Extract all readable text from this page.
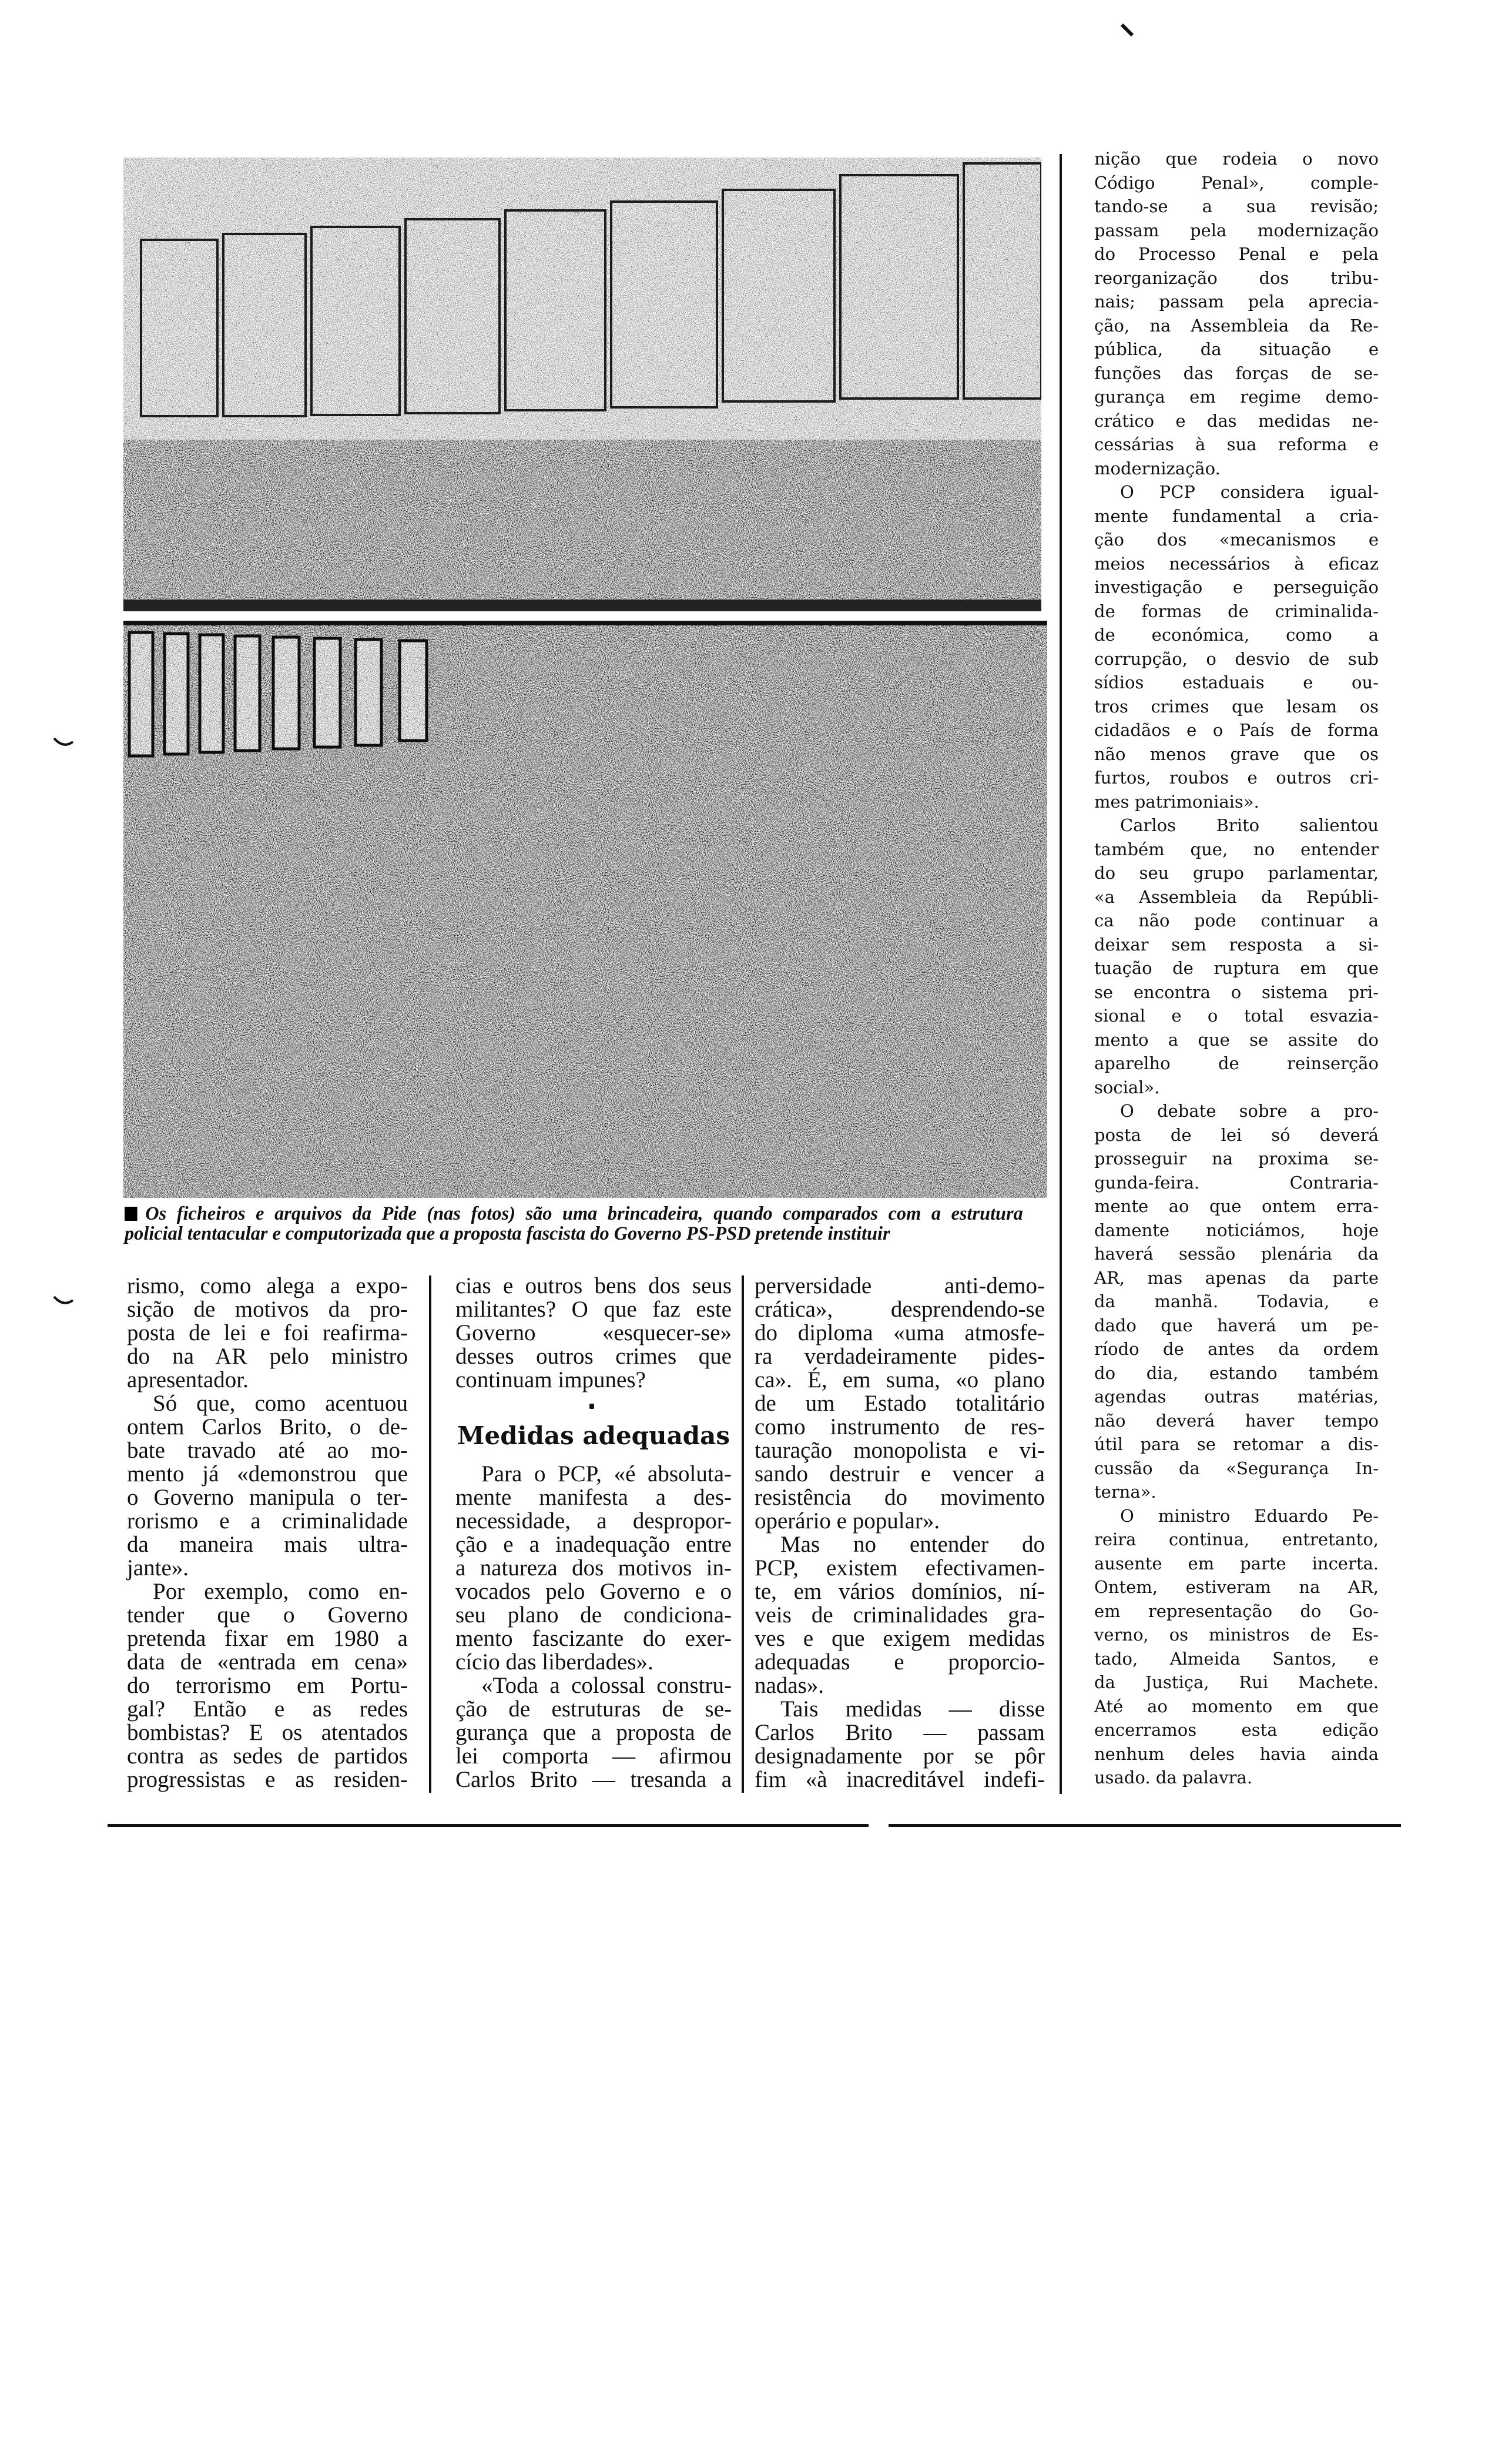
Os ficheiros e arquivos da Pide (nas fotos) são uma brincadeira, quando comparados com a estrutura
policial tentacular e computorizada que a proposta fascista do Governo PS-PSD pretende instituir
rismo, como alega a expo-
sição de motivos da pro-
posta de lei e foi reafirma-
do na AR pelo ministro
apresentador.
Só que, como acentuou
ontem Carlos Brito, o de-
bate travado até ao mo-
mento já «demonstrou que
o Governo manipula o ter-
rorismo e a criminalidade
da maneira mais ultra-
jante».
Por exemplo, como en-
tender que o Governo
pretenda fixar em 1980 a
data de «entrada em cena»
do terrorismo em Portu-
gal? Então e as redes
bombistas? E os atentados
contra as sedes de partidos
progressistas e as residen-
cias e outros bens dos seus
militantes? O que faz este
Governo «esquecer-se»
desses outros crimes que
continuam impunes?
Medidas adequadas
Para o PCP, «é absoluta-
mente manifesta a des-
necessidade, a despropor-
ção e a inadequação entre
a natureza dos motivos in-
vocados pelo Governo e o
seu plano de condiciona-
mento fascizante do exer-
cício das liberdades».
«Toda a colossal constru-
ção de estruturas de se-
gurança que a proposta de
lei comporta — afirmou
Carlos Brito — tresanda a
perversidade anti-demo-
crática», desprendendo-se
do diploma «uma atmosfe-
ra verdadeiramente pides-
ca». É, em suma, «o plano
de um Estado totalitário
como instrumento de res-
tauração monopolista e vi-
sando destruir e vencer a
resistência do movimento
operário e popular».
Mas no entender do
PCP, existem efectivamen-
te, em vários domínios, ní-
veis de criminalidades gra-
ves e que exigem medidas
adequadas e proporcio-
nadas».
Tais medidas — disse
Carlos Brito — passam
designadamente por se pôr
fim «à inacreditável indefi-
nição que rodeia o novo
Código Penal», comple-
tando-se a sua revisão;
passam pela modernização
do Processo Penal e pela
reorganização dos tribu-
nais; passam pela aprecia-
ção, na Assembleia da Re-
pública, da situação e
funções das forças de se-
gurança em regime demo-
crático e das medidas ne-
cessárias à sua reforma e
modernização.
O PCP considera igual-
mente fundamental a cria-
ção dos «mecanismos e
meios necessários à eficaz
investigação e perseguição
de formas de criminalida-
de económica, como a
corrupção, o desvio de sub
sídios estaduais e ou-
tros crimes que lesam os
cidadãos e o País de forma
não menos grave que os
furtos, roubos e outros cri-
mes patrimoniais».
Carlos Brito salientou
também que, no entender
do seu grupo parlamentar,
«a Assembleia da Repúbli-
ca não pode continuar a
deixar sem resposta a si-
tuação de ruptura em que
se encontra o sistema pri-
sional e o total esvazia-
mento a que se assite do
aparelho de reinserção
social».
O debate sobre a pro-
posta de lei só deverá
prosseguir na proxima se-
gunda-feira. Contraria-
mente ao que ontem erra-
damente noticiámos, hoje
haverá sessão plenária da
AR, mas apenas da parte
da manhã. Todavia, e
dado que haverá um pe-
ríodo de antes da ordem
do dia, estando também
agendas outras matérias,
não deverá haver tempo
útil para se retomar a dis-
cussão da «Segurança In-
terna».
O ministro Eduardo Pe-
reira continua, entretanto,
ausente em parte incerta.
Ontem, estiveram na AR,
em representação do Go-
verno, os ministros de Es-
tado, Almeida Santos, e
da Justiça, Rui Machete.
Até ao momento em que
encerramos esta edição
nenhum deles havia ainda
usado. da palavra.
